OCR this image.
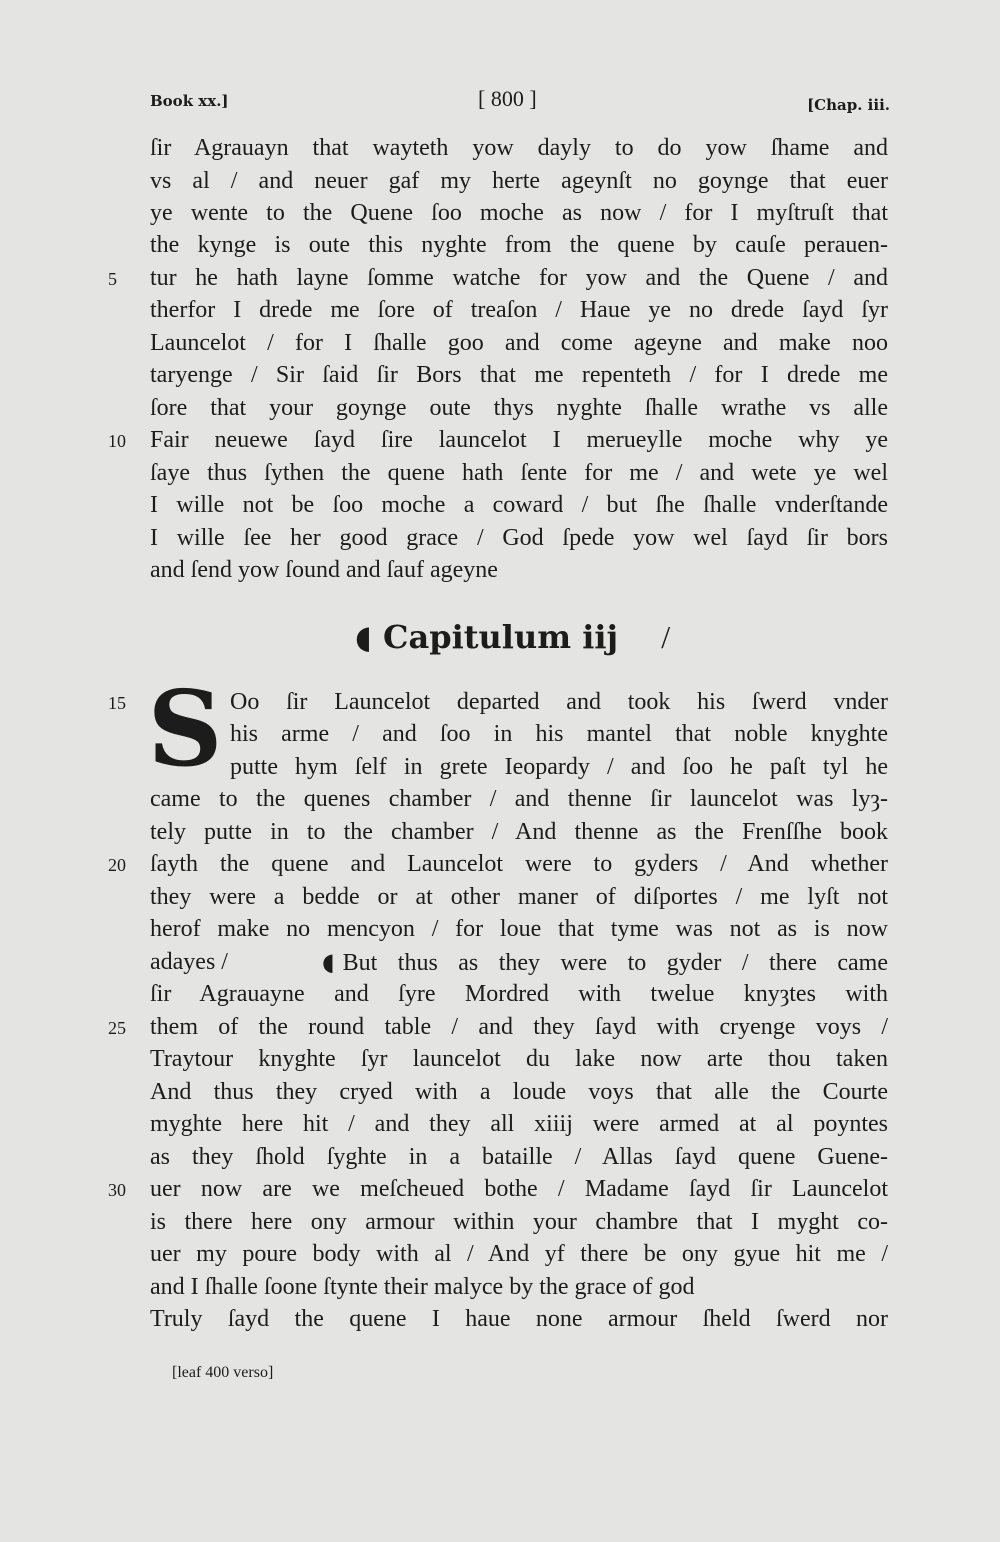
Book xx.]	[ 800 ]	[Chap. iii.
ſir Agrauayn that wayteth yow dayly to do yow ſhame and
vs al / and neuer gaf my herte ageynſt no goynge that euer
ye wente to the Quene ſoo moche as now / for I myſtruſt that
the kynge is oute this nyghte from the quene by cauſe perauen-
tur he hath layne ſomme watche for yow and the Quene / and
therfor I drede me ſore of treaſon / Haue ye no drede ſayd ſyr
Launcelot / for I ſhalle goo and come ageyne and make noo
taryenge / Sir ſaid ſir Bors that me repenteth / for I drede me
ſore that your goynge oute thys nyghte ſhalle wrathe vs alle
Fair neuewe ſayd ſire launcelot I merueylle moche why ye
ſaye thus ſythen the quene hath ſente for me / and wete ye wel
I wille not be ſoo moche a coward / but ſhe ſhalle vnderſtande
I wille ſee her good grace / God ſpede yow wel ſayd ſir bors
and ſend yow ſound and ſauf ageyne
5
10
◖ Capitulum iij /
S
15	Oo ſir Launcelot departed and took his ſwerd vnder
his arme / and ſoo in his mantel that noble knyghte
putte hym ſelf in grete Ieopardy / and ſoo he paſt tyl he
came to the quenes chamber / and thenne ſir launcelot was lyȝ-
tely putte in to the chamber / And thenne as the Frenſſhe book
ſayth the quene and Launcelot were to gyders / And whether
they were a bedde or at other maner of diſportes / me lyſt not
herof make no mencyon / for loue that tyme was not as is now
adayes /	◖ But thus as they were to gyder / there came
ſir Agrauayne and ſyre Mordred with twelue knyȝtes with
them of the round table / and they ſayd with cryenge voys /
Traytour knyghte ſyr launcelot du lake now arte thou taken
And thus they cryed with a loude voys that alle the Courte
myghte here hit / and they all xiiij were armed at al poyntes
as they ſhold ſyghte in a bataille / Allas ſayd quene Guene-
uer now are we meſcheued bothe / Madame ſayd ſir Launcelot
is there here ony armour within your chambre that I myght co-
uer my poure body with al / And yf there be ony gyue hit me /
and I ſhalle ſoone ſtynte their malyce by the grace of god
Truly ſayd the quene I haue none armour ſheld ſwerd nor
20
25
30
[leaf 400 verso]
